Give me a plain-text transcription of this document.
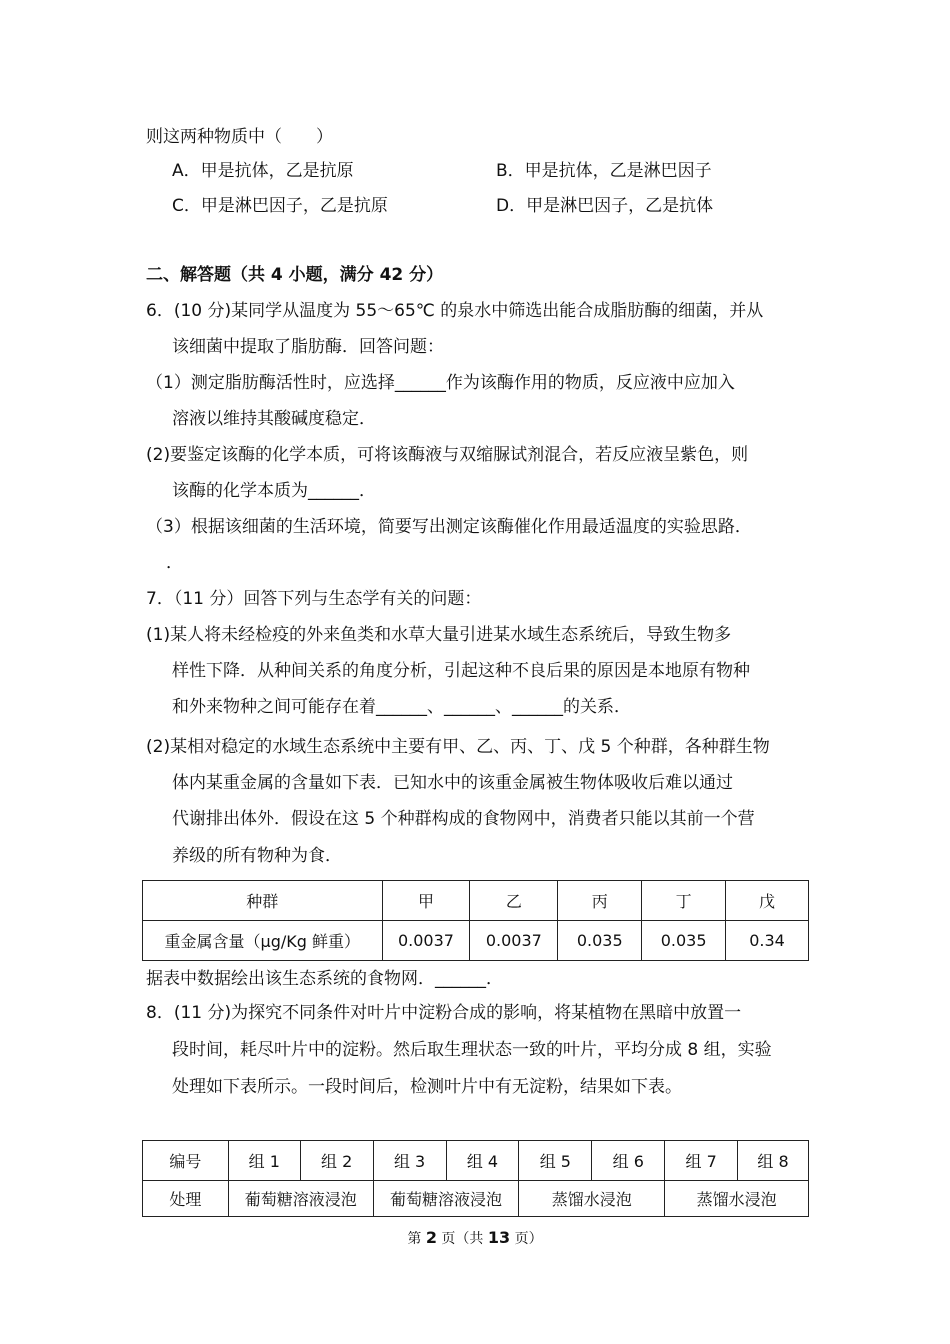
则这两种物质中（　　）
A．甲是抗体，乙是抗原	B．甲是抗体，乙是淋巴因子
C．甲是淋巴因子，乙是抗原	D．甲是淋巴因子，乙是抗体
二、解答题（共 4 小题，满分 42 分）
6．(10 分)某同学从温度为 55～65℃ 的泉水中筛选出能合成脂肪酶的细菌，并从
该细菌中提取了脂肪酶．回答问题：
（1）测定脂肪酶活性时，应选择______作为该酶作用的物质，反应液中应加入
溶液以维持其酸碱度稳定．
(2)要鉴定该酶的化学本质，可将该酶液与双缩脲试剂混合，若反应液呈紫色，则
该酶的化学本质为______．
（3）根据该细菌的生活环境，简要写出测定该酶催化作用最适温度的实验思路．
．
7．（11 分）回答下列与生态学有关的问题：
(1)某人将未经检疫的外来鱼类和水草大量引进某水域生态系统后，导致生物多
样性下降．从种间关系的角度分析，引起这种不良后果的原因是本地原有物种
和外来物种之间可能存在着______、______、______的关系．
(2)某相对稳定的水域生态系统中主要有甲、乙、丙、丁、戊 5 个种群，各种群生物
体内某重金属的含量如下表．已知水中的该重金属被生物体吸收后难以通过
代谢排出体外．假设在这 5 个种群构成的食物网中，消费者只能以其前一个营
养级的所有物种为食．
种群	甲	乙	丙	丁	戊
重金属含量（μg/Kg 鲜重）	0.0037	0.0037	0.035	0.035	0.34
据表中数据绘出该生态系统的食物网．______．
8．(11 分)为探究不同条件对叶片中淀粉合成的影响，将某植物在黑暗中放置一
段时间，耗尽叶片中的淀粉。然后取生理状态一致的叶片，平均分成 8 组，实验
处理如下表所示。一段时间后，检测叶片中有无淀粉，结果如下表。
编号	组 1	组 2	组 3	组 4	组 5	组 6	组 7	组 8
处理	葡萄糖溶液浸泡		葡萄糖溶液浸泡		蒸馏水浸泡		蒸馏水浸泡	
第 2 页（共 13 页）
